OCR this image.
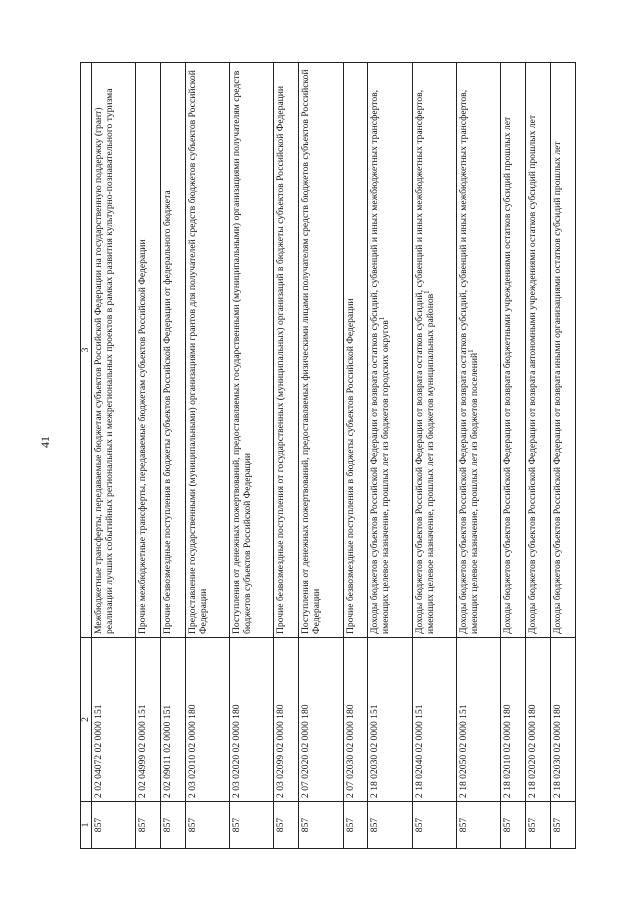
41
1	2	3
857	2 02 04072 02 0000 151	Межбюджетные трансферты, передаваемые бюджетам субъектов Российской Федерации на государственную поддержку (грант) реализации лучших событийных региональных и межрегиональных проектов в рамках развития культурно-познавательного туризма
857	2 02 04999 02 0000 151	Прочие межбюджетные трансферты, передаваемые бюджетам субъектов Российской Федерации
857	2 02 09011 02 0000 151	Прочие безвозмездные поступления в бюджеты субъектов Российской Федерации от федерального бюджета
857	2 03 02010 02 0000 180	Предоставление государственными (муниципальными) организациями грантов для получателей средств бюджетов субъектов Российской Федерации
857	2 03 02020 02 0000 180	Поступления от денежных пожертвований, предоставляемых государственными (муниципальными) организациями получателям средств бюджетов субъектов Российской Федерации
857	2 03 02099 02 0000 180	Прочие безвозмездные поступления от государственных (муниципальных) организаций в бюджеты субъектов Российской Федерации
857	2 07 02020 02 0000 180	Поступления от денежных пожертвований, предоставляемых физическими лицами получателям средств бюджетов субъектов Российской Федерации
857	2 07 02030 02 0000 180	Прочие безвозмездные поступления в бюджеты субъектов Российской Федерации
857	2 18 02030 02 0000 151	Доходы бюджетов субъектов Российской Федерации от возврата остатков субсидий, субвенций и иных межбюджетных трансфертов, имеющих целевое назначение, прошлых лет из бюджетов городских округов$^1$
857	2 18 02040 02 0000 151	Доходы бюджетов субъектов Российской Федерации от возврата остатков субсидий, субвенций и иных межбюджетных трансфертов, имеющих целевое назначение, прошлых лет из бюджетов муниципальных районов$^1$
857	2 18 02050 02 0000 151	Доходы бюджетов субъектов Российской Федерации от возврата остатков субсидий, субвенций и иных межбюджетных трансфертов, имеющих целевое назначение, прошлых лет из бюджетов поселений$^1$
857	2 18 02010 02 0000 180	Доходы бюджетов субъектов Российской Федерации от возврата бюджетными учреждениями остатков субсидий прошлых лет
857	2 18 02020 02 0000 180	Доходы бюджетов субъектов Российской Федерации от возврата автономными учреждениями остатков субсидий прошлых лет
857	2 18 02030 02 0000 180	Доходы бюджетов субъектов Российской Федерации от возврата иными организациями остатков субсидий прошлых лет
